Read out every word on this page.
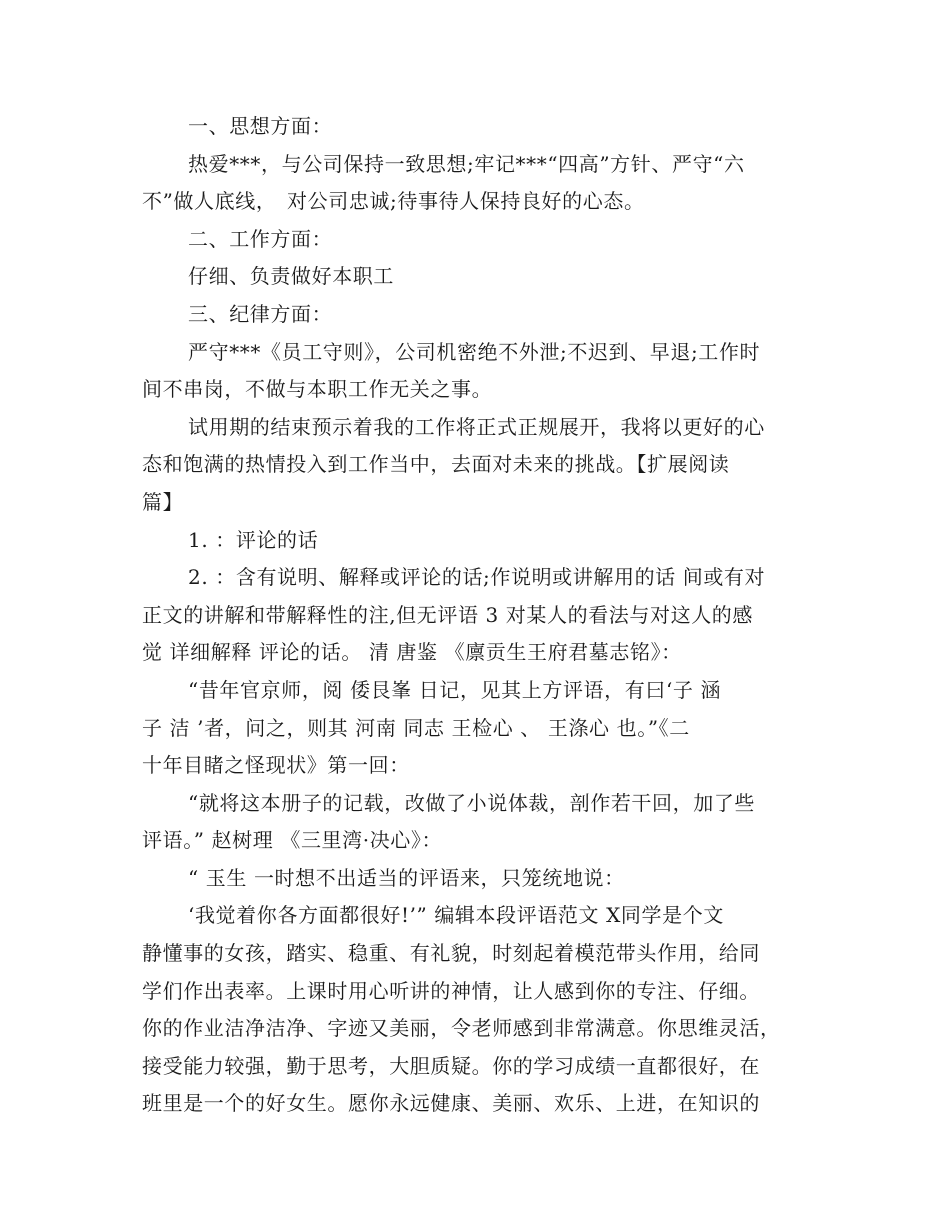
一、思想方面：
热爱***，与公司保持一致思想;牢记***“四高”方针、严守“六
不”做人底线，　对公司忠诚;待事待人保持良好的心态。
二、工作方面：
仔细、负责做好本职工
三、纪律方面：
严守***《员工守则》，公司机密绝不外泄;不迟到、早退;工作时
间不串岗，不做与本职工作无关之事。
试用期的结束预示着我的工作将正式正规展开，我将以更好的心
态和饱满的热情投入到工作当中，去面对未来的挑战。【扩展阅读
篇】
1. ：评论的话
2. ：含有说明、解释或评论的话;作说明或讲解用的话 间或有对
正文的讲解和带解释性的注,但无评语 3 对某人的看法与对这人的感
觉 详细解释 评论的话。 清 唐鉴 《廪贡生王府君墓志铭》：
“昔年官京师，阅 倭艮峯 日记，见其上方评语，有曰‘子 涵
子 洁 ’者，问之，则其 河南 同志 王检心 、 王涤心 也。”《二
十年目睹之怪现状》第一回：
“就将这本册子的记载，改做了小说体裁，剖作若干回，加了些
评语。” 赵树理 《三里湾·决心》：
“ 玉生 一时想不出适当的评语来，只笼统地说：
‘我觉着你各方面都很好!’” 编辑本段评语范文 X同学是个文
静懂事的女孩，踏实、稳重、有礼貌，时刻起着模范带头作用，给同
学们作出表率。上课时用心听讲的神情，让人感到你的专注、仔细。
你的作业洁净洁净、字迹又美丽，令老师感到非常满意。你思维灵活，
接受能力较强，勤于思考，大胆质疑。你的学习成绩一直都很好，在
班里是一个的好女生。愿你永远健康、美丽、欢乐、上进，在知识的
